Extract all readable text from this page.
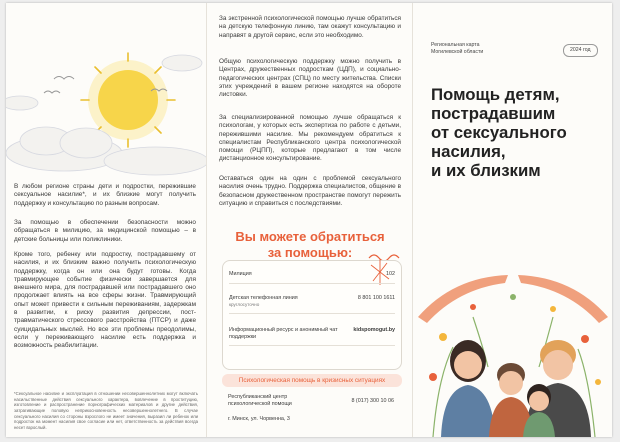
В любом регионе страны дети и подростки, пережившие сексуальное насилие*, и их близкие могут получить поддержку и консультацию по разным вопросам.

За помощью в обеспечении безопасности можно обращаться в милицию, за медицинской помощью – в детские больницы или поликлиники.

Кроме того, ребенку или подростку, пострадавшему от насилия, и их близким важно получить психологическую поддержку, когда он или она будут готовы. Когда травмирующее событие физически завершается для внешнего мира, для пострадавшей или пострадавшего оно продолжает влиять на все сферы жизни. Травмирующий опыт может привести к сильным переживаниям, задержкам в развитии, к риску развития депрессии, пост-травматического стрессового расстройства (ПТСР) и даже суицидальных мыслей. Но все эти проблемы преодолимы, если у переживающего насилие есть поддержка и возможность реабилитации.

*Сексуальное насилие и эксплуатация в отношении несовершеннолетних могут включать насильственные действия сексуального характера, вовлечение в проституцию, изготовление и распространение порнографических материалов и другие действия, затрагивающие половую неприкосновенность несовершеннолетнего. В случае сексуального насилия со стороны взрослого не имеет значения, выразил ли ребенок или подросток на момент насилия свое согласие или нет, ответственность за действия всегда несет взрослый.

За экстренной психологической помощью лучше обратиться на детскую телефонную линию, там окажут консультацию и направят в другой сервис, если это необходимо.

Общую психологическую поддержку можно получить в Центрах, дружественных подросткам (ЦДП), и социально-педагогических центрах (СПЦ) по месту жительства. Списки этих учреждений в вашем регионе находятся на обороте листовки.

За специализированной помощью лучше обращаться к психологам, у которых есть экспертиза по работе с детьми, пережившими насилие. Мы рекомендуем обратиться к специалистам Республиканского центра психологической помощи (РЦПП), которые предлагают в том числе дистанционное консультирование.

Оставаться один на один с проблемой сексуального насилия очень трудно. Поддержка специалистов, общение в безопасном дружественном пространстве помогут пережить ситуацию и справиться с последствиями.

Вы можете обратиться
за помощью:
Милиция	102
Детская телефонная линия
круглосуточно
8 801 100 1611
Информационный ресурс и анонимный чат поддержки
kidspomogut.by
Психологическая помощь в кризисных ситуациях
Республиканский центр психологической помощи
г. Минск, ул. Чорвенна, 3
8 (017) 300 10 06
Региональная карта
Могилевской области	2024 год
Помощь детям,
пострадавшим
от сексуального
насилия,
и их близким
